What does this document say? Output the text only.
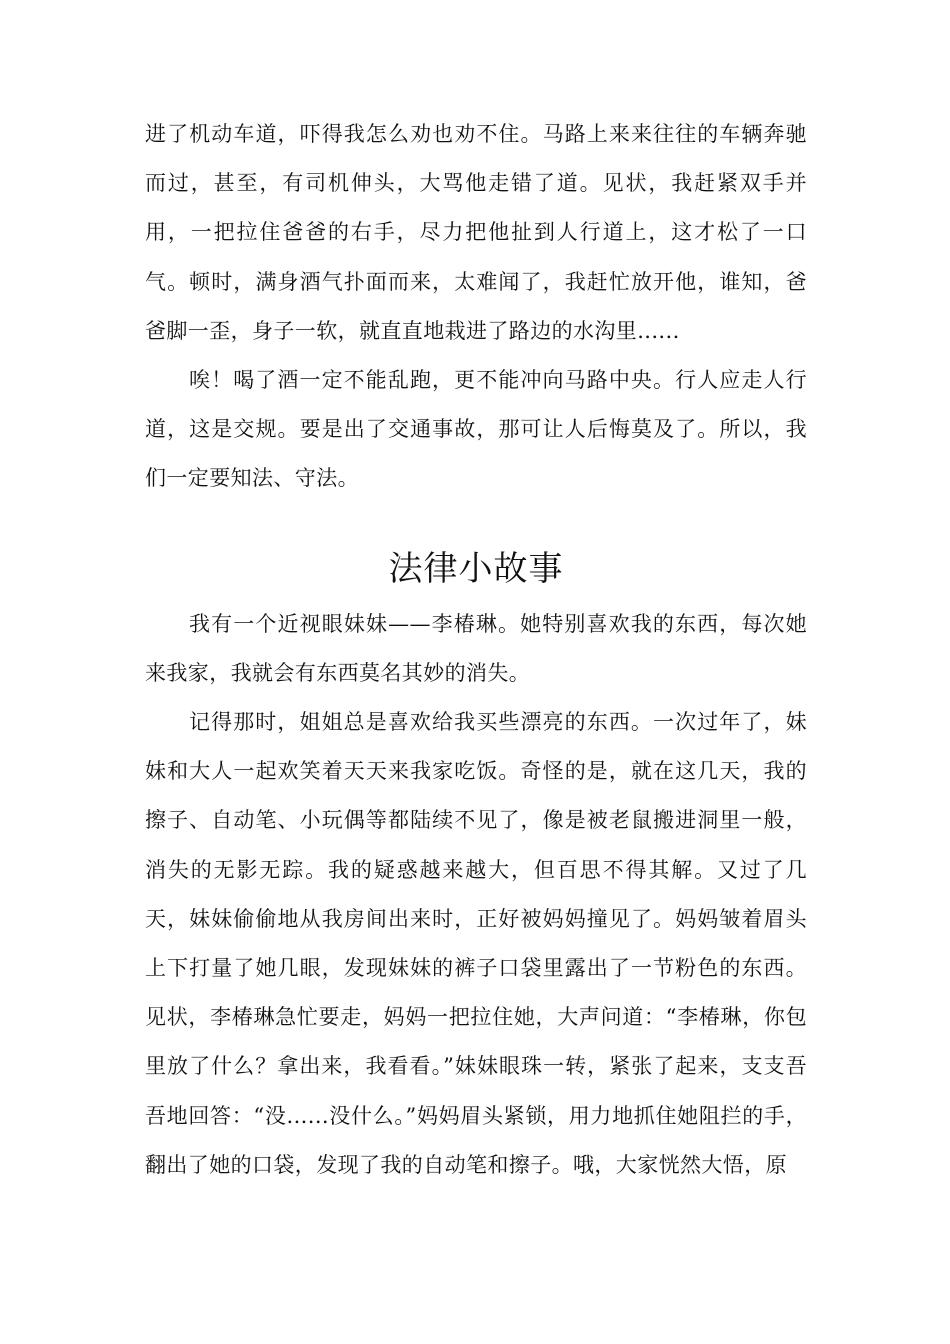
进了机动车道，吓得我怎么劝也劝不住。马路上来来往往的车辆奔驰而过，甚至，有司机伸头，大骂他走错了道。见状，我赶紧双手并用，一把拉住爸爸的右手，尽力把他扯到人行道上，这才松了一口气。顿时，满身酒气扑面而来，太难闻了，我赶忙放开他，谁知，爸爸脚一歪，身子一软，就直直地栽进了路边的水沟里......

唉！喝了酒一定不能乱跑，更不能冲向马路中央。行人应走人行道，这是交规。要是出了交通事故，那可让人后悔莫及了。所以，我们一定要知法、守法。

法律小故事

我有一个近视眼妹妹——李椿琳。她特别喜欢我的东西，每次她来我家，我就会有东西莫名其妙的消失。

记得那时，姐姐总是喜欢给我买些漂亮的东西。一次过年了，妹妹和大人一起欢笑着天天来我家吃饭。奇怪的是，就在这几天，我的擦子、自动笔、小玩偶等都陆续不见了，像是被老鼠搬进洞里一般，消失的无影无踪。我的疑惑越来越大，但百思不得其解。又过了几天，妹妹偷偷地从我房间出来时，正好被妈妈撞见了。妈妈皱着眉头上下打量了她几眼，发现妹妹的裤子口袋里露出了一节粉色的东西。见状，李椿琳急忙要走，妈妈一把拉住她，大声问道：“李椿琳，你包里放了什么？拿出来，我看看。”妹妹眼珠一转，紧张了起来，支支吾吾地回答：“没......没什么。”妈妈眉头紧锁，用力地抓住她阻拦的手，翻出了她的口袋，发现了我的自动笔和擦子。哦，大家恍然大悟，原
